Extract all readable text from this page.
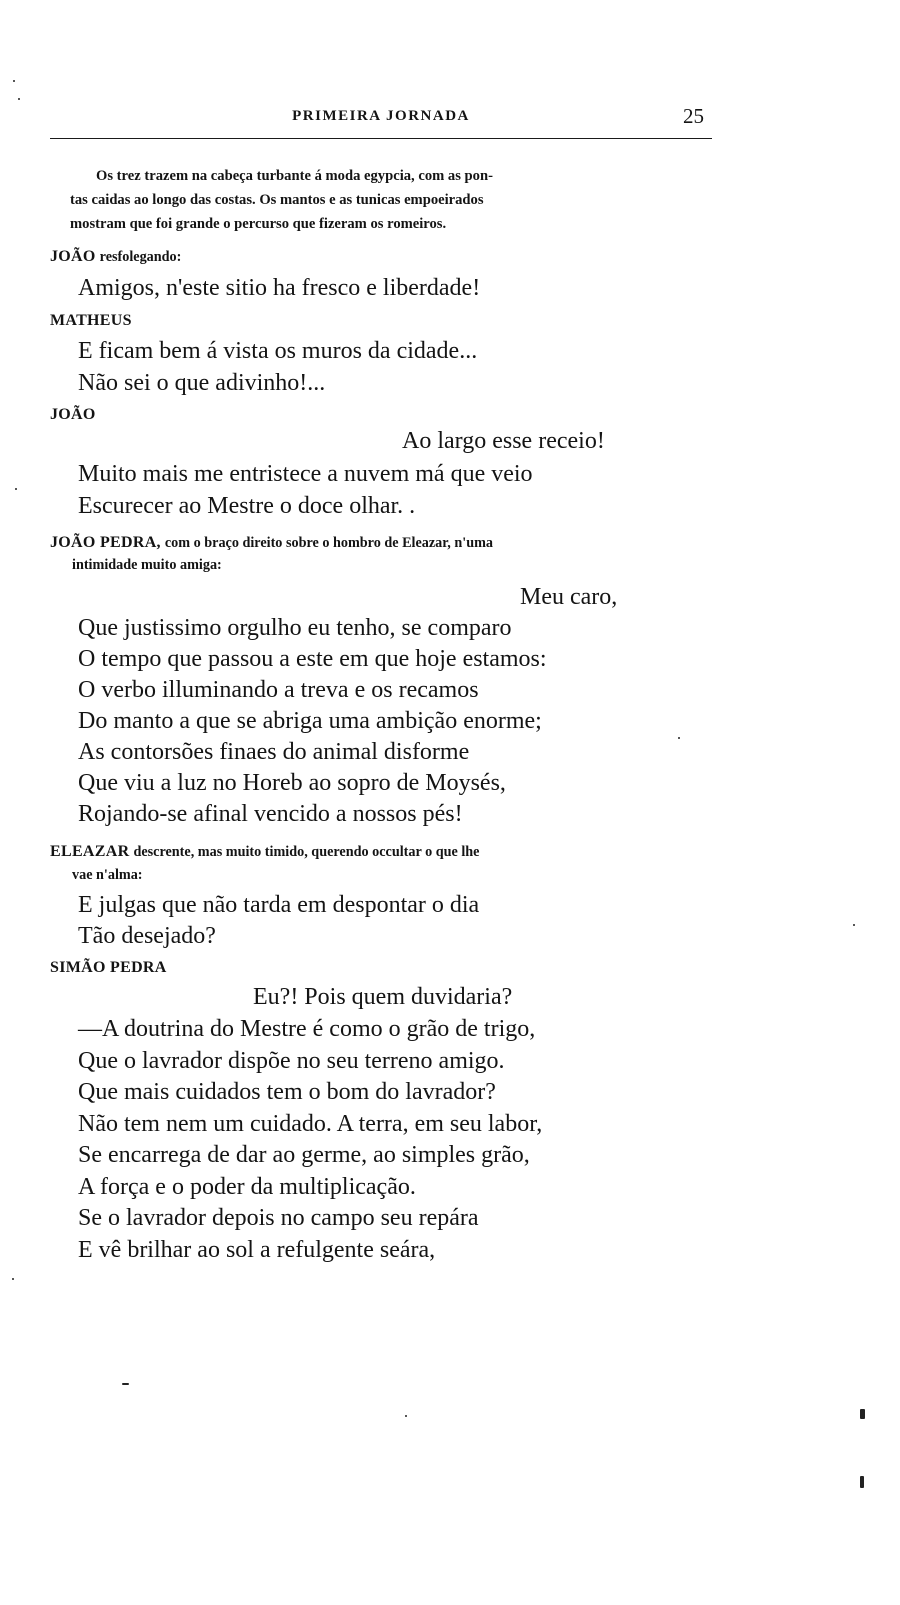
PRIMEIRA JORNADA	25
Os trez trazem na cabeça turbante á moda egypcia, com as pon-
tas caidas ao longo das costas. Os mantos e as tunicas empoeirados
mostram que foi grande o percurso que fizeram os romeiros.
JOÃO resfolegando:
Amigos, n'este sitio ha fresco e liberdade!
MATHEUS
E ficam bem á vista os muros da cidade...
Não sei o que adivinho!...
JOÃO
Ao largo esse receio!
Muito mais me entristece a nuvem má que veio
Escurecer ao Mestre o doce olhar. .
JOÃO PEDRA, com o braço direito sobre o hombro de Eleazar, n'uma
intimidade muito amiga:
Meu caro,
Que justissimo orgulho eu tenho, se comparo
O tempo que passou a este em que hoje estamos:
O verbo illuminando a treva e os recamos
Do manto a que se abriga uma ambição enorme;
As contorsões finaes do animal disforme
Que viu a luz no Horeb ao sopro de Moysés,
Rojando-se afinal vencido a nossos pés!
ELEAZAR descrente, mas muito timido, querendo occultar o que lhe
vae n'alma:
E julgas que não tarda em despontar o dia
Tão desejado?
SIMÃO PEDRA
Eu?! Pois quem duvidaria?
—A doutrina do Mestre é como o grão de trigo,
Que o lavrador dispõe no seu terreno amigo.
Que mais cuidados tem o bom do lavrador?
Não tem nem um cuidado. A terra, em seu labor,
Se encarrega de dar ao germe, ao simples grão,
A força e o poder da multiplicação.
Se o lavrador depois no campo seu repára
E vê brilhar ao sol a refulgente seára,
